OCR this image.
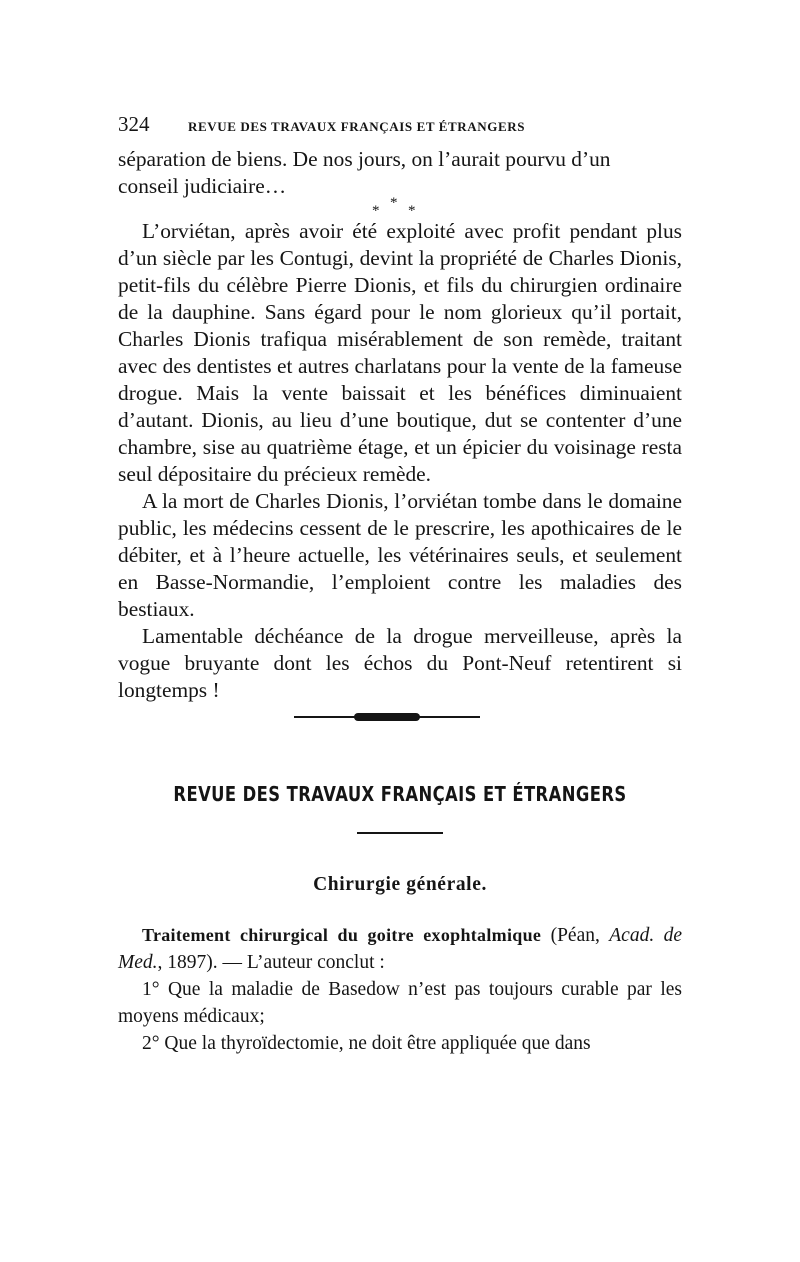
324	REVUE DES TRAVAUX FRANÇAIS ET ÉTRANGERS

séparation de biens. De nos jours, on l’aurait pourvu d’un

conseil judiciaire…

*
* *

L’orviétan, après avoir été exploité avec profit pendant plus d’un siècle par les Contugi, devint la propriété de Charles Dionis, petit-fils du célèbre Pierre Dionis, et fils du chirurgien ordinaire de la dauphine. Sans égard pour le nom glorieux qu’il portait, Charles Dionis trafiqua misérablement de son remède, traitant avec des dentistes et autres charlatans pour la vente de la fameuse drogue. Mais la vente baissait et les bénéfices diminuaient d’autant. Dionis, au lieu d’une boutique, dut se contenter d’une chambre, sise au quatrième étage, et un épicier du voisinage resta seul dépositaire du précieux remède.

A la mort de Charles Dionis, l’orviétan tombe dans le domaine public, les médecins cessent de le prescrire, les apothicaires de le débiter, et à l’heure actuelle, les vétérinaires seuls, et seulement en Basse-Normandie, l’emploient contre les maladies des bestiaux.

Lamentable déchéance de la drogue merveilleuse, après la vogue bruyante dont les échos du Pont-Neuf retentirent si longtemps !

REVUE DES TRAVAUX FRANÇAIS ET ÉTRANGERS
Chirurgie générale.

Traitement chirurgical du goitre exophtalmique (Péan, Acad. de Med., 1897). — L’auteur conclut :

1° Que la maladie de Basedow n’est pas toujours curable par les moyens médicaux;

2° Que la thyroïdectomie, ne doit être appliquée que dans
